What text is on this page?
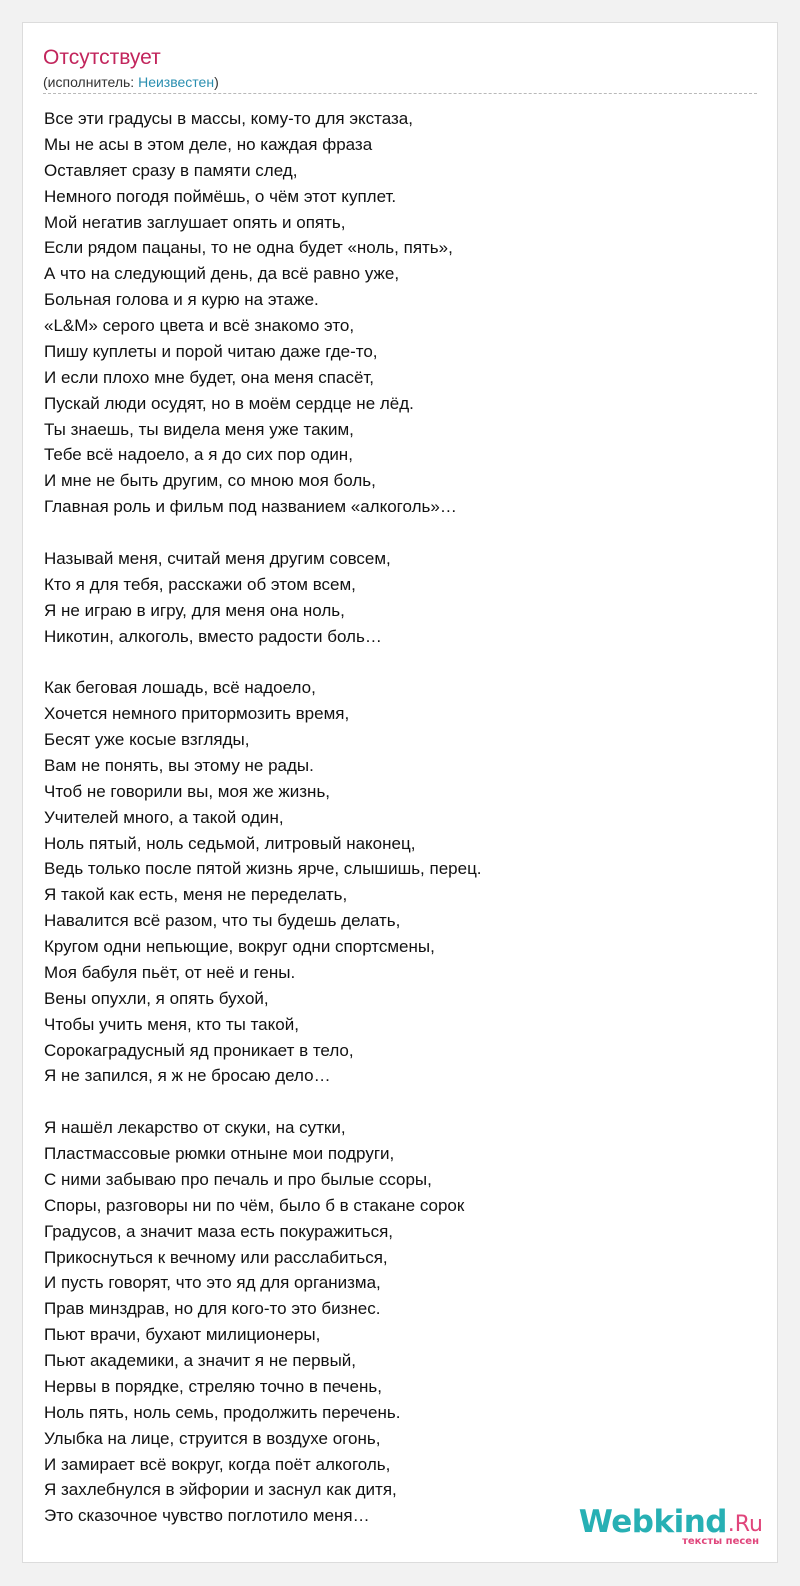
Отсутствует
(исполнитель: Неизвестен)
Все эти градусы в массы, кому-то для экстаза,
Мы не асы в этом деле, но каждая фраза
Оставляет сразу в памяти след,
Немного погодя поймёшь, о чём этот куплет.
Мой негатив заглушает опять и опять,
Если рядом пацаны, то не одна будет «ноль, пять»,
А что на следующий день, да всё равно уже,
Больная голова и я курю на этаже.
«L&M» серого цвета и всё знакомо это,
Пишу куплеты и порой читаю даже где-то,
И если плохо мне будет, она меня спасёт,
Пускай люди осудят, но в моём сердце не лёд.
Ты знаешь, ты видела меня уже таким,
Тебе всё надоело, а я до сих пор один,
И мне не быть другим, со мною моя боль,
Главная роль и фильм под названием «алкоголь»…
Называй меня, считай меня другим совсем,
Кто я для тебя, расскажи об этом всем,
Я не играю в игру, для меня она ноль,
Никотин, алкоголь, вместо радости боль…
Как беговая лошадь, всё надоело,
Хочется немного притормозить время,
Бесят уже косые взгляды,
Вам не понять, вы этому не рады.
Чтоб не говорили вы, моя же жизнь,
Учителей много, а такой один,
Ноль пятый, ноль седьмой, литровый наконец,
Ведь только после пятой жизнь ярче, слышишь, перец.
Я такой как есть, меня не переделать,
Навалится всё разом, что ты будешь делать,
Кругом одни непьющие, вокруг одни спортсмены,
Моя бабуля пьёт, от неё и гены.
Вены опухли, я опять бухой,
Чтобы учить меня, кто ты такой,
Сорокаградусный яд проникает в тело,
Я не запился, я ж не бросаю дело…
Я нашёл лекарство от скуки, на сутки,
Пластмассовые рюмки отныне мои подруги,
С ними забываю про печаль и про былые ссоры,
Споры, разговоры ни по чём, было б в стакане сорок
Градусов, а значит маза есть покуражиться,
Прикоснуться к вечному или расслабиться,
И пусть говорят, что это яд для организма,
Прав минздрав, но для кого-то это бизнес.
Пьют врачи, бухают милиционеры,
Пьют академики, а значит я не первый,
Нервы в порядке, стреляю точно в печень,
Ноль пять, ноль семь, продолжить перечень.
Улыбка на лице, струится в воздухе огонь,
И замирает всё вокруг, когда поёт алкоголь,
Я захлебнулся в эйфории и заснул как дитя,
Это сказочное чувство поглотило меня…	Webkind .Ru
тексты песен
